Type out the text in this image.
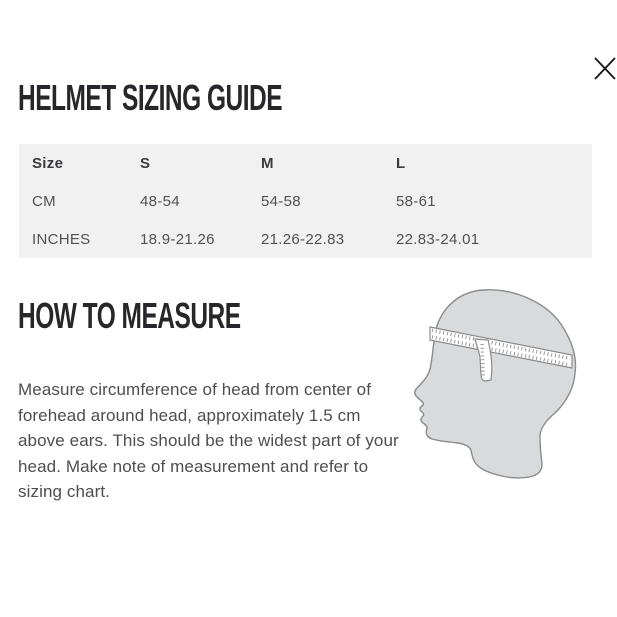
HELMET SIZING GUIDE
Size	S	M	L
CM	48-54	54-58	58-61
INCHES	18.9-21.26	21.26-22.83	22.83-24.01
HOW TO MEASURE

Measure circumference of head from center of forehead around head, approximately 1.5 cm above ears. This should be the widest part of your head. Make note of measurement and refer to sizing chart.
